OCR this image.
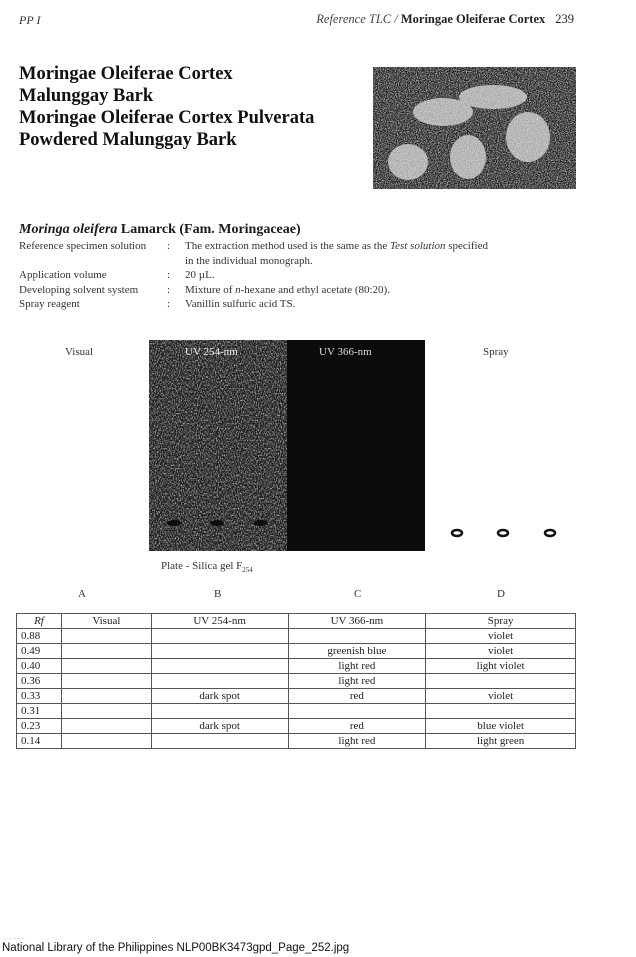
PP I	Reference TLC / Moringae Oleiferae Cortex 239
Moringae Oleiferae Cortex
Malunggay Bark
Moringae Oleiferae Cortex Pulverata
Powdered Malunggay Bark
Moringa oleifera Lamarck (Fam. Moringaceae)
Reference specimen solution	:	The extraction method used is the same as the Test solution specified
in the individual monograph.
Application volume	:	20 µL.
Developing solvent system	:	Mixture of n-hexane and ethyl acetate (80:20).
Spray reagent	:	Vanillin sulfuric acid TS.
Visual	Spray
UV 254-nm	UV 366-nm
Plate - Silica gel $F_{254}$
A	B	C	D
Rf	Visual	UV 254-nm	UV 366-nm	Spray
0.88				violet
0.49			greenish blue	violet
0.40			light red	light violet
0.36			light red	
0.33		dark spot	red	violet
0.31				
0.23		dark spot	red	blue violet
0.14			light red	light green
·················
National Library of the Philippines NLP00BK3473gpd_Page_252.jpg
